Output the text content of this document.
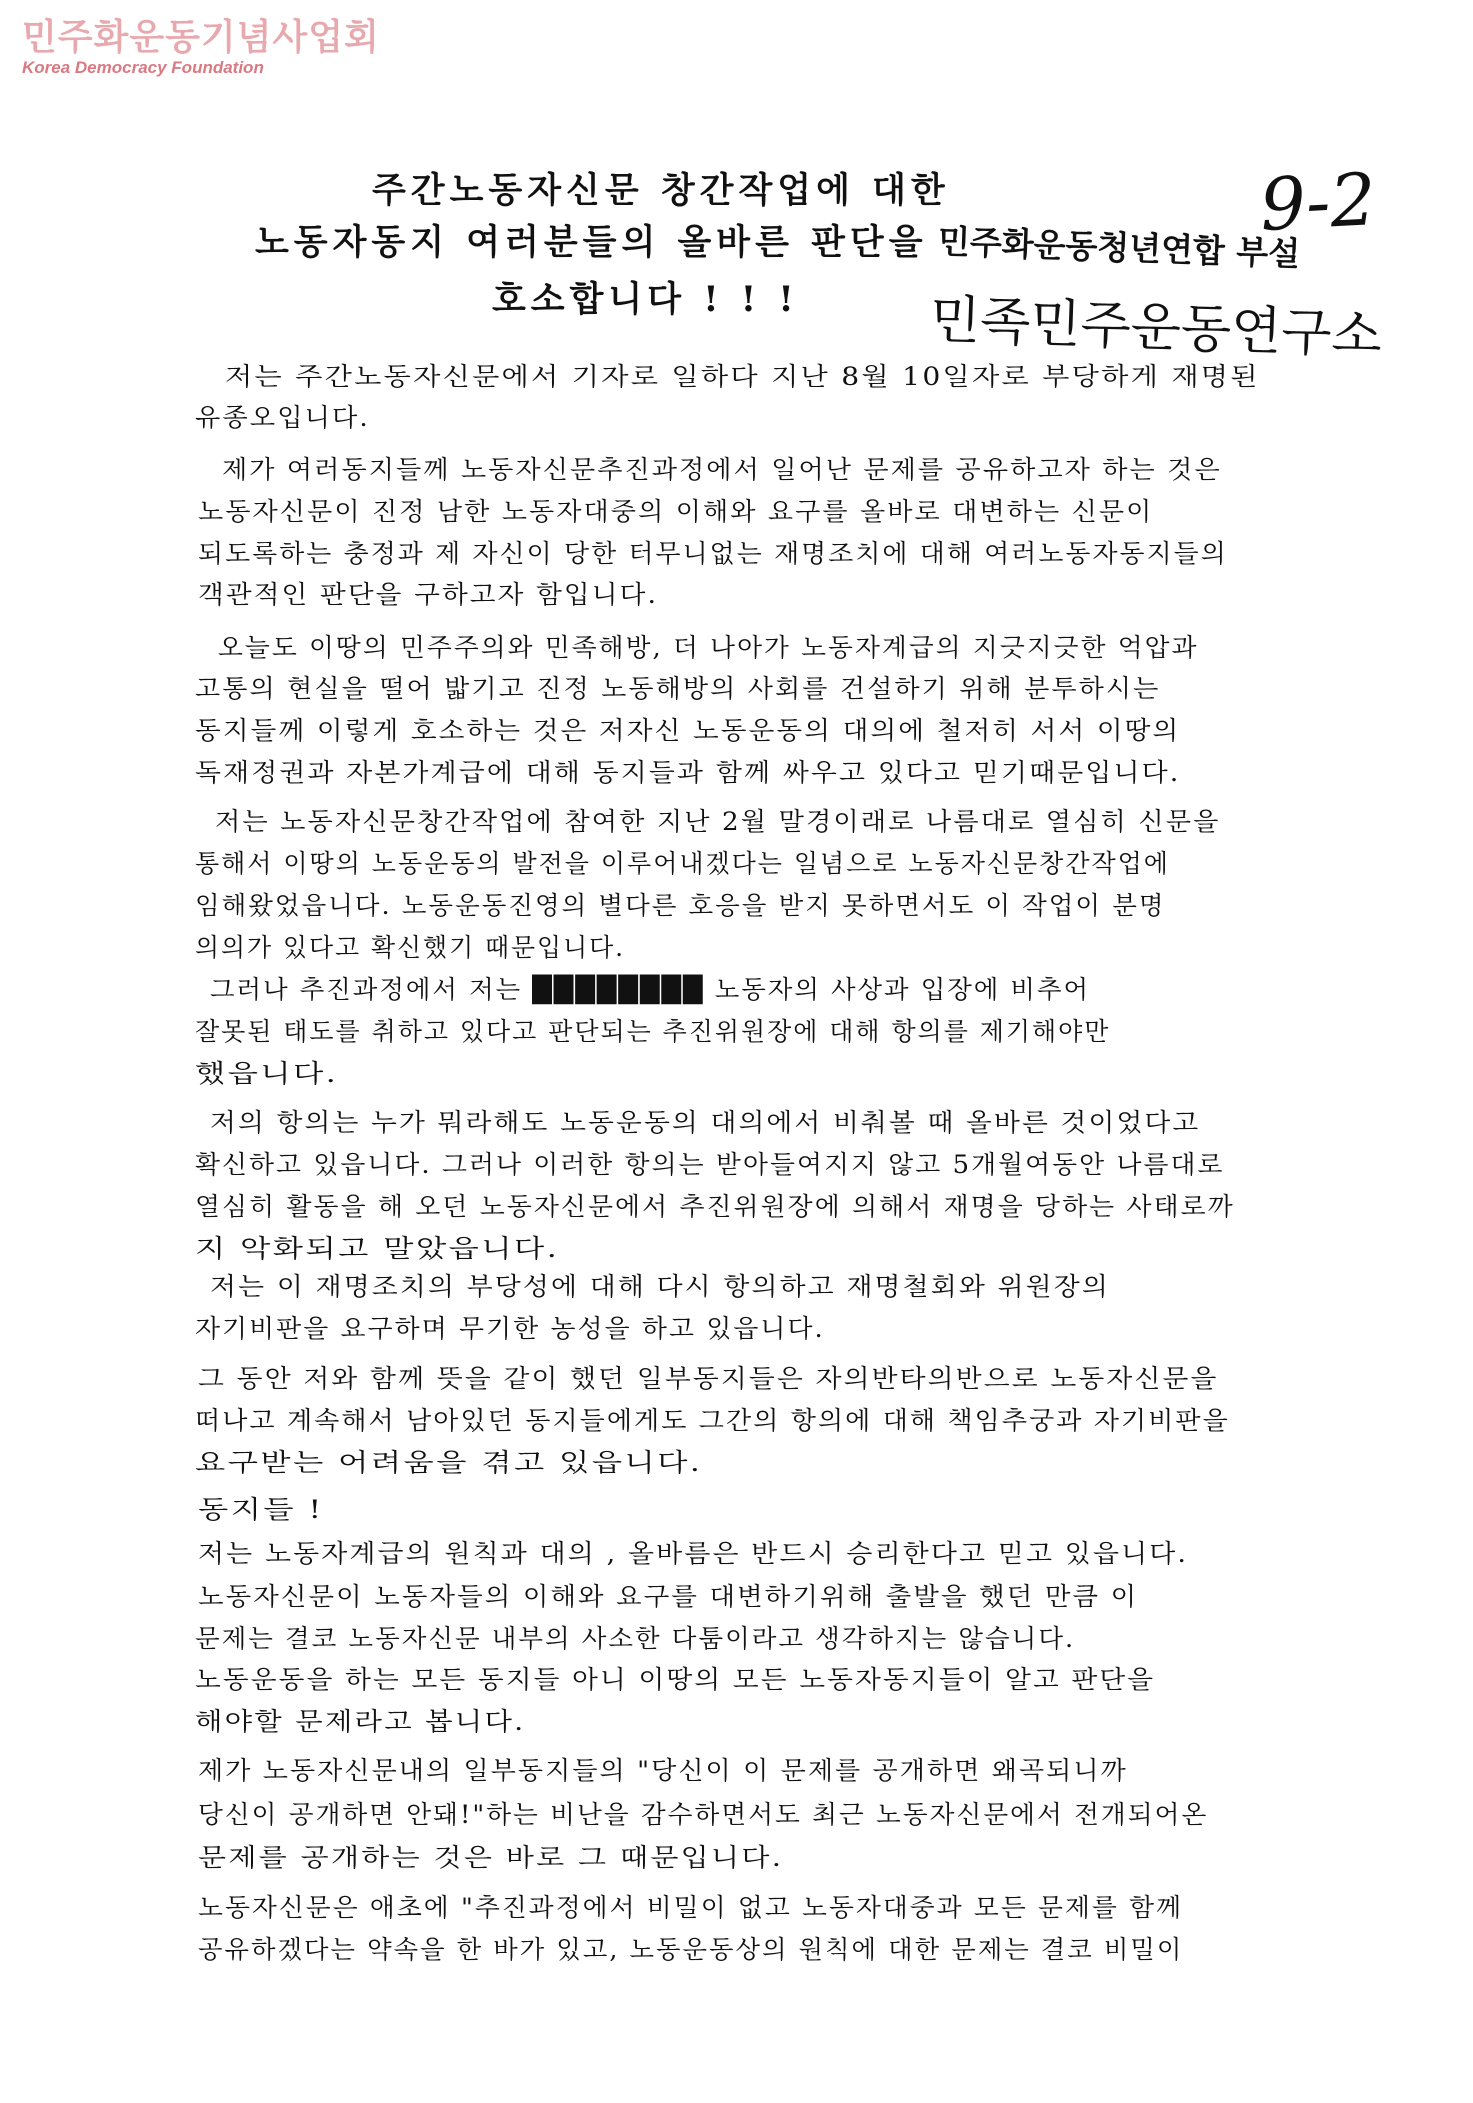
민주화운동기념사업회
Korea Democracy Foundation
9-2
민주화운동청년연합 부설
민족민주운동연구소
주간노동자신문 창간작업에 대한
노동자동지 여러분들의 올바른 판단을
호소합니다 ! ! !
저는 주간노동자신문에서 기자로 일하다 지난 8월 10일자로 부당하게 재명된
유종오입니다.
제가 여러동지들께 노동자신문추진과정에서 일어난 문제를 공유하고자 하는 것은
노동자신문이 진정 남한 노동자대중의 이해와 요구를 올바로 대변하는 신문이
되도록하는 충정과 제 자신이 당한 터무니없는 재명조치에 대해 여러노동자동지들의
객관적인 판단을 구하고자 함입니다.
오늘도 이땅의 민주주의와 민족해방, 더 나아가 노동자계급의 지긋지긋한 억압과
고통의 현실을 떨어 밟기고 진정 노동해방의 사회를 건설하기 위해 분투하시는
동지들께 이렇게 호소하는 것은 저자신 노동운동의 대의에 철저히 서서 이땅의
독재정권과 자본가계급에 대해 동지들과 함께 싸우고 있다고 믿기때문입니다.
저는 노동자신문창간작업에 참여한 지난 2월 말경이래로 나름대로 열심히 신문을
통해서 이땅의 노동운동의 발전을 이루어내겠다는 일념으로 노동자신문창간작업에
임해왔었읍니다. 노동운동진영의 별다른 호응을 받지 못하면서도 이 작업이 분명
의의가 있다고 확신했기 때문입니다.
그러나 추진과정에서 저는 ████████ 노동자의 사상과 입장에 비추어
잘못된 태도를 취하고 있다고 판단되는 추진위원장에 대해 항의를 제기해야만
했읍니다.
저의 항의는 누가 뭐라해도 노동운동의 대의에서 비춰볼 때 올바른 것이었다고
확신하고 있읍니다. 그러나 이러한 항의는 받아들여지지 않고 5개월여동안 나름대로
열심히 활동을 해 오던 노동자신문에서 추진위원장에 의해서 재명을 당하는 사태로까
지 악화되고 말았읍니다.
저는 이 재명조치의 부당성에 대해 다시 항의하고 재명철회와 위원장의
자기비판을 요구하며 무기한 농성을 하고 있읍니다.
그 동안 저와 함께 뜻을 같이 했던 일부동지들은 자의반타의반으로 노동자신문을
떠나고 계속해서 남아있던 동지들에게도 그간의 항의에 대해 책임추궁과 자기비판을
요구받는 어려움을 겪고 있읍니다.
동지들 !
저는 노동자계급의 원칙과 대의 , 올바름은 반드시 승리한다고 믿고 있읍니다.
노동자신문이 노동자들의 이해와 요구를 대변하기위해 출발을 했던 만큼 이
문제는 결코 노동자신문 내부의 사소한 다툼이라고 생각하지는 않습니다.
노동운동을 하는 모든 동지들 아니 이땅의 모든 노동자동지들이 알고 판단을
해야할 문제라고 봅니다.
제가 노동자신문내의 일부동지들의 "당신이 이 문제를 공개하면 왜곡되니까
당신이 공개하면 안돼!"하는 비난을 감수하면서도 최근 노동자신문에서 전개되어온
문제를 공개하는 것은 바로 그 때문입니다.
노동자신문은 애초에 "추진과정에서 비밀이 없고 노동자대중과 모든 문제를 함께
공유하겠다는 약속을 한 바가 있고, 노동운동상의 원칙에 대한 문제는 결코 비밀이
